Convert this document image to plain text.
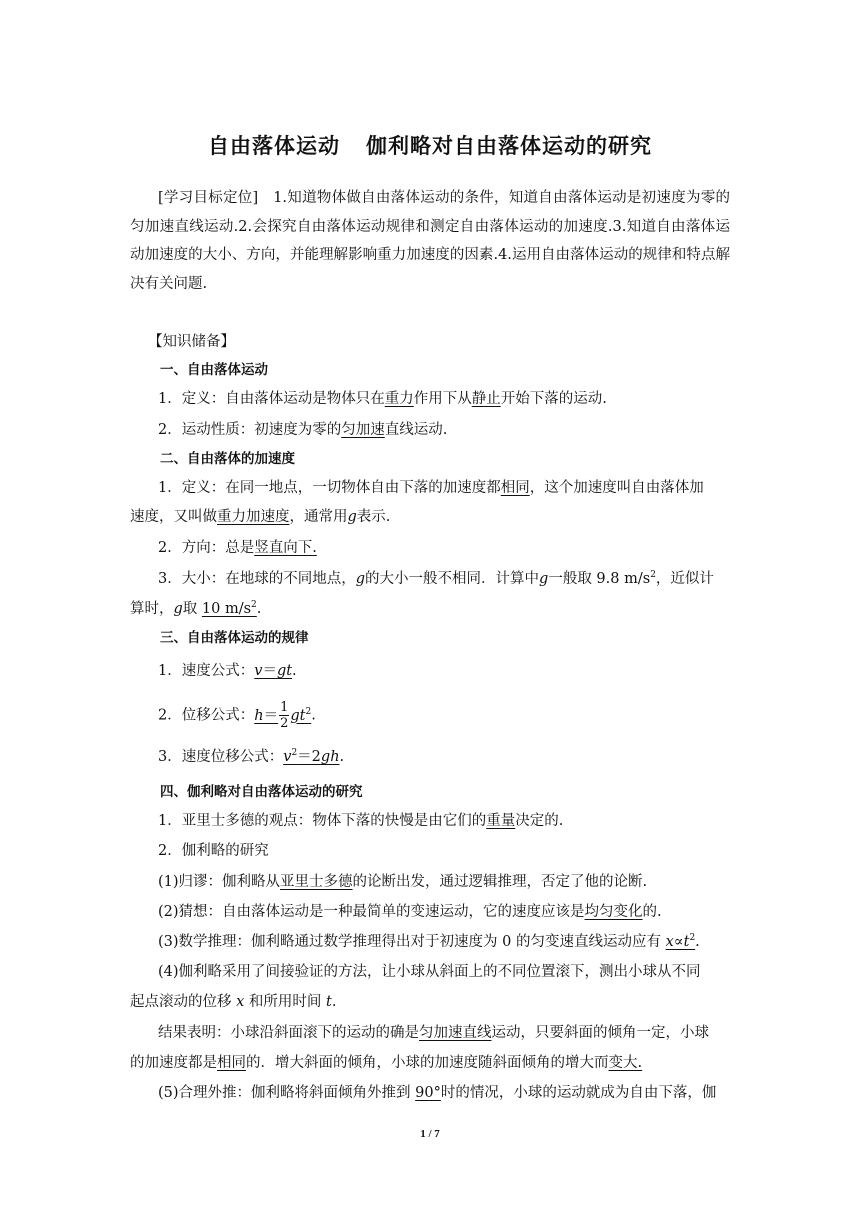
自由落体运动 伽利略对自由落体运动的研究
[学习目标定位]　1.知道物体做自由落体运动的条件，知道自由落体运动是初速度为零的匀加速直线运动.2.会探究自由落体运动规律和测定自由落体运动的加速度.3.知道自由落体运动加速度的大小、方向，并能理解影响重力加速度的因素.4.运用自由落体运动的规律和特点解决有关问题.
【知识储备】
一、自由落体运动
1．定义：自由落体运动是物体只在重力作用下从静止开始下落的运动.
2．运动性质：初速度为零的匀加速直线运动.
二、自由落体的加速度
1．定义：在同一地点，一切物体自由下落的加速度都相同，这个加速度叫自由落体加
速度，又叫做重力加速度，通常用g表示.
2．方向：总是竖直向下.
3．大小：在地球的不同地点，g的大小一般不相同．计算中g一般取 9.8 $m/s^2$，近似计
算时，g取 10 $m/s^2$.
三、自由落体运动的规律
1．速度公式：v＝gt.
2．位移公式：$h= \frac{1}{2} gt^2$.
3．速度位移公式：$v^2=2gh$.
四、伽利略对自由落体运动的研究
1．亚里士多德的观点：物体下落的快慢是由它们的重量决定的.
2．伽利略的研究
(1)归谬：伽利略从亚里士多德的论断出发，通过逻辑推理，否定了他的论断.
(2)猜想：自由落体运动是一种最简单的变速运动，它的速度应该是均匀变化的.
(3)数学推理：伽利略通过数学推理得出对于初速度为 0 的匀变速直线运动应有 $x\propto t^2$.
(4)伽利略采用了间接验证的方法，让小球从斜面上的不同位置滚下，测出小球从不同
起点滚动的位移 x 和所用时间 t.
结果表明：小球沿斜面滚下的运动的确是匀加速直线运动，只要斜面的倾角一定，小球
的加速度都是相同的．增大斜面的倾角，小球的加速度随斜面倾角的增大而变大.
(5)合理外推：伽利略将斜面倾角外推到 90°时的情况，小球的运动就成为自由下落，伽
1 / 7
